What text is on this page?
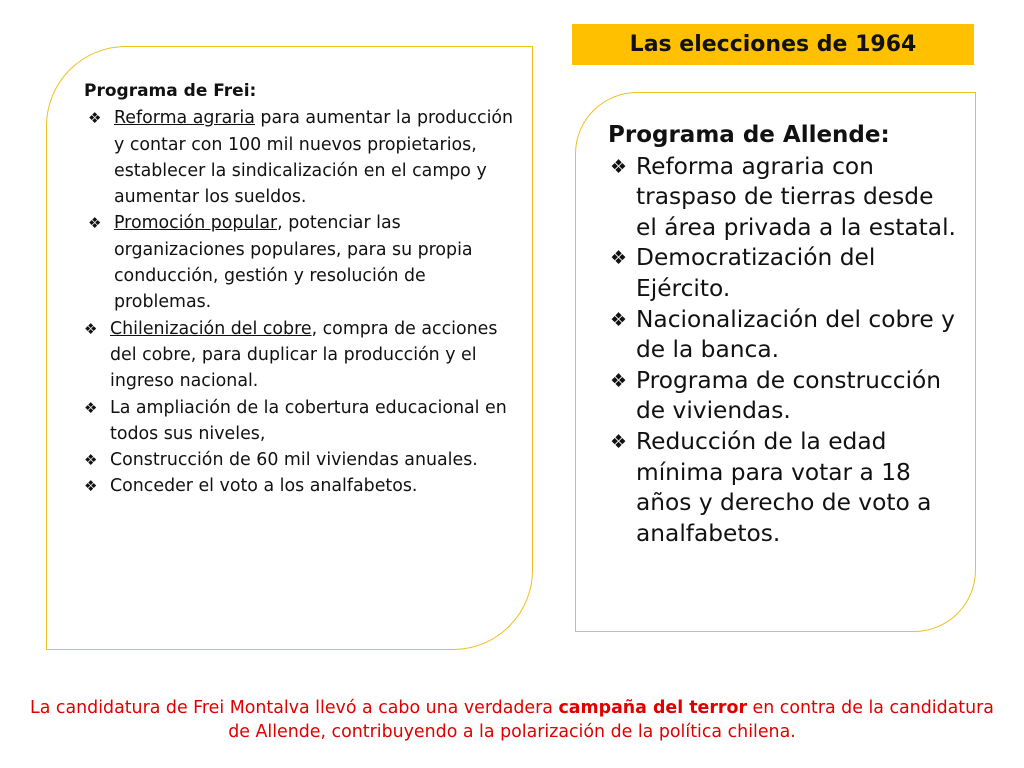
Las elecciones de 1964
Programa de Frei:
❖ Reforma agraria para aumentar la producción y contar con 100 mil nuevos propietarios, establecer la sindicalización en el campo y aumentar los sueldos.
❖ Promoción popular, potenciar las organizaciones populares, para su propia conducción, gestión y resolución de problemas.
❖ Chilenización del cobre, compra de acciones del cobre, para duplicar la producción y el ingreso nacional.
❖ La ampliación de la cobertura educacional en todos sus niveles,
❖ Construcción de 60 mil viviendas anuales.
❖ Conceder el voto a los analfabetos.
Programa de Allende:
❖ Reforma agraria con traspaso de tierras desde el área privada a la estatal.
❖ Democratización del Ejército.
❖ Nacionalización del cobre y de la banca.
❖ Programa de construcción de viviendas.
❖ Reducción de la edad mínima para votar a 18 años y derecho de voto a analfabetos.
La candidatura de Frei Montalva llevó a cabo una verdadera campaña del terror en contra de la candidatura de Allende, contribuyendo a la polarización de la política chilena.
